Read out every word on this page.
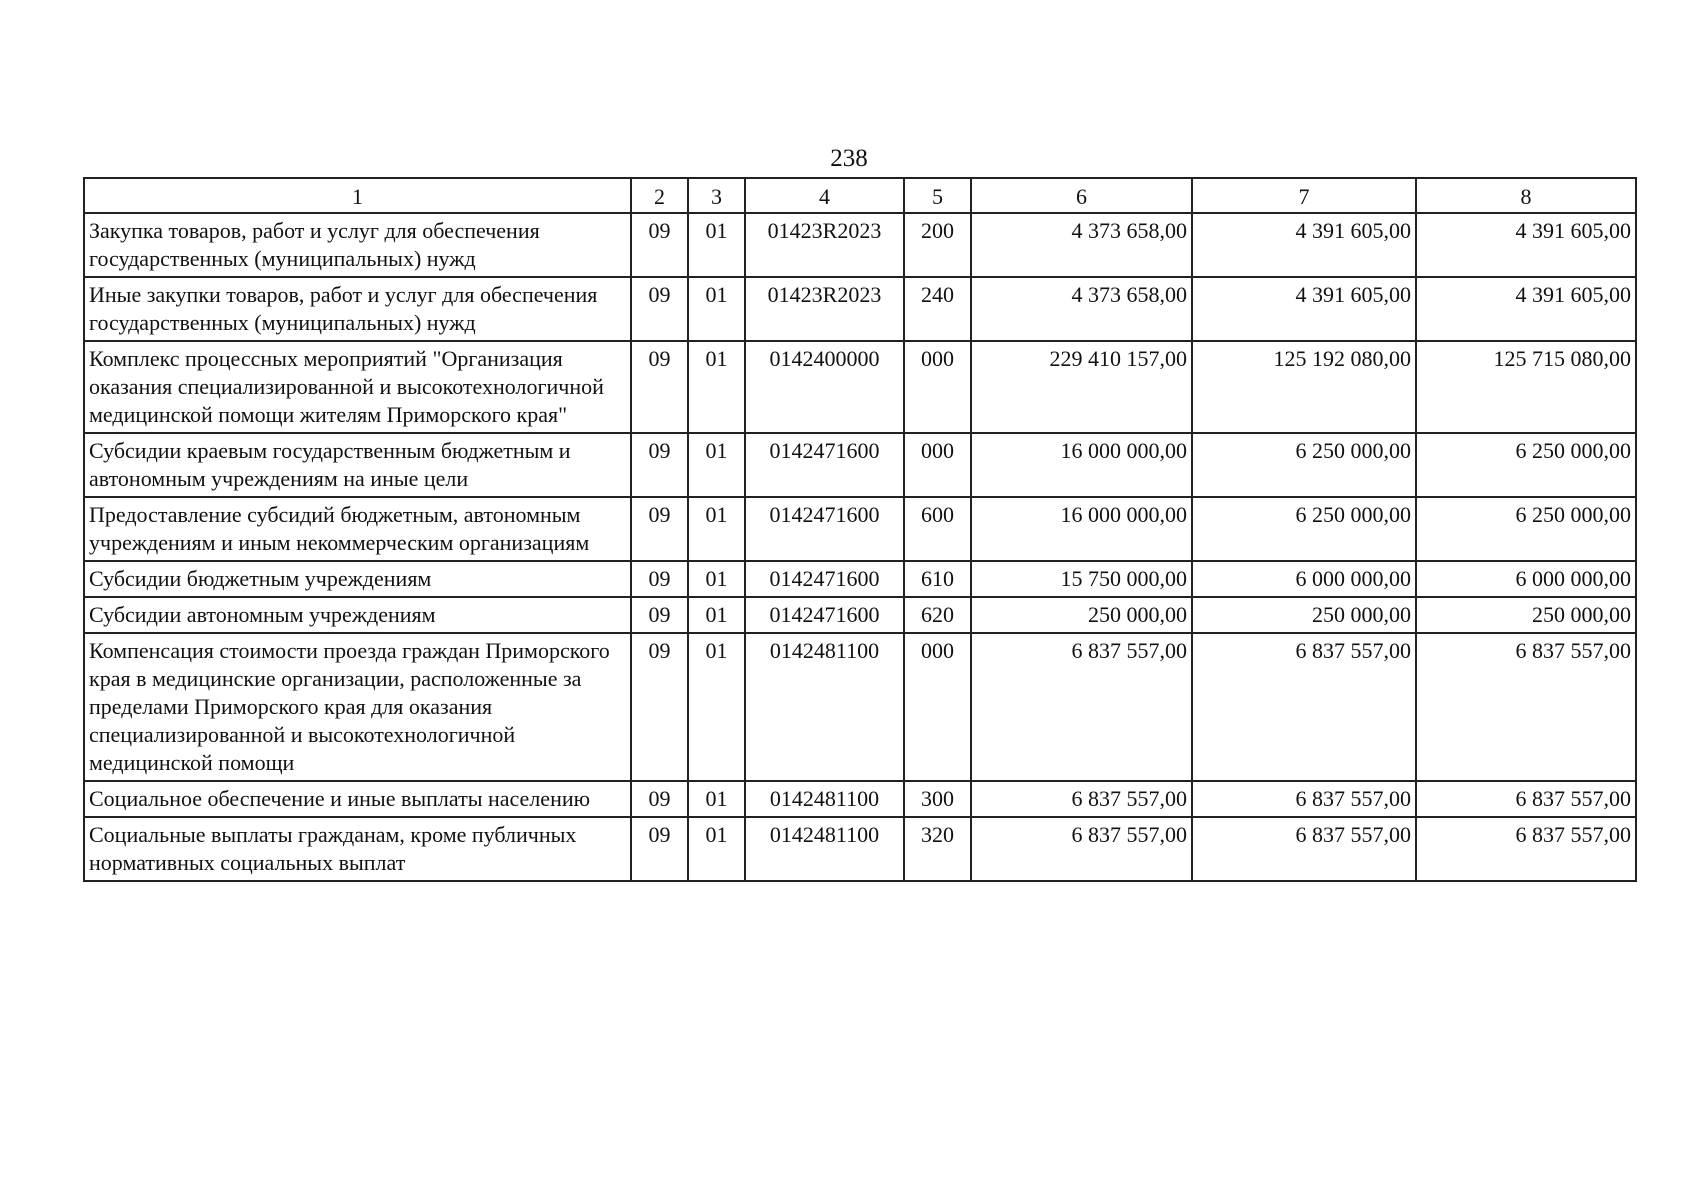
238
1	2	3	4	5	6	7	8
Закупка товаров, работ и услуг для обеспечения государственных (муниципальных) нужд	09	01	01423R2023	200	4 373 658,00	4 391 605,00	4 391 605,00
Иные закупки товаров, работ и услуг для обеспечения государственных (муниципальных) нужд	09	01	01423R2023	240	4 373 658,00	4 391 605,00	4 391 605,00
Комплекс процессных мероприятий "Организация оказания специализированной и высокотехнологичной медицинской помощи жителям Приморского края"	09	01	0142400000	000	229 410 157,00	125 192 080,00	125 715 080,00
Субсидии краевым государственным бюджетным и автономным учреждениям на иные цели	09	01	0142471600	000	16 000 000,00	6 250 000,00	6 250 000,00
Предоставление субсидий бюджетным, автономным учреждениям и иным некоммерческим организациям	09	01	0142471600	600	16 000 000,00	6 250 000,00	6 250 000,00
Субсидии бюджетным учреждениям	09	01	0142471600	610	15 750 000,00	6 000 000,00	6 000 000,00
Субсидии автономным учреждениям	09	01	0142471600	620	250 000,00	250 000,00	250 000,00
Компенсация стоимости проезда граждан Приморского края в медицинские организации, расположенные за пределами Приморского края для оказания специализированной и высокотехнологичной медицинской помощи	09	01	0142481100	000	6 837 557,00	6 837 557,00	6 837 557,00
Социальное обеспечение и иные выплаты населению	09	01	0142481100	300	6 837 557,00	6 837 557,00	6 837 557,00
Социальные выплаты гражданам, кроме публичных нормативных социальных выплат	09	01	0142481100	320	6 837 557,00	6 837 557,00	6 837 557,00
